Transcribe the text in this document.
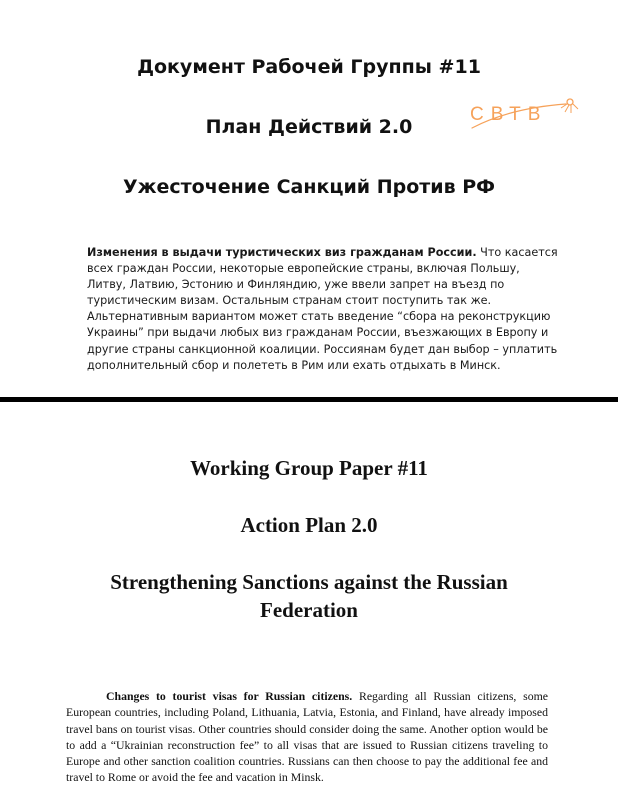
Документ Рабочей Группы #11
План Действий 2.0
Ужесточение Санкций Против РФ
СВТВ

Изменения в выдачи туристических виз гражданам России. Что касается всех граждан России, некоторые европейские страны, включая Польшу, Литву, Латвию, Эстонию и Финляндию, уже ввели запрет на въезд по туристическим визам. Остальным странам стоит поступить так же. Альтернативным вариантом может стать введение “сбора на реконструкцию Украины” при выдачи любых виз гражданам России, въезжающих в Европу и другие страны санкционной коалиции. Россиянам будет дан выбор – уплатить дополнительный сбор и полететь в Рим или ехать отдыхать в Минск.

Working Group Paper #11
Action Plan 2.0
Strengthening Sanctions against the Russian
Federation

Changes to tourist visas for Russian citizens. Regarding all Russian citizens, some European countries, including Poland, Lithuania, Latvia, Estonia, and Finland, have already imposed travel bans on tourist visas. Other countries should consider doing the same. Another option would be to add a “Ukrainian reconstruction fee” to all visas that are issued to Russian citizens traveling to Europe and other sanction coalition countries. Russians can then choose to pay the additional fee and travel to Rome or avoid the fee and vacation in Minsk.
